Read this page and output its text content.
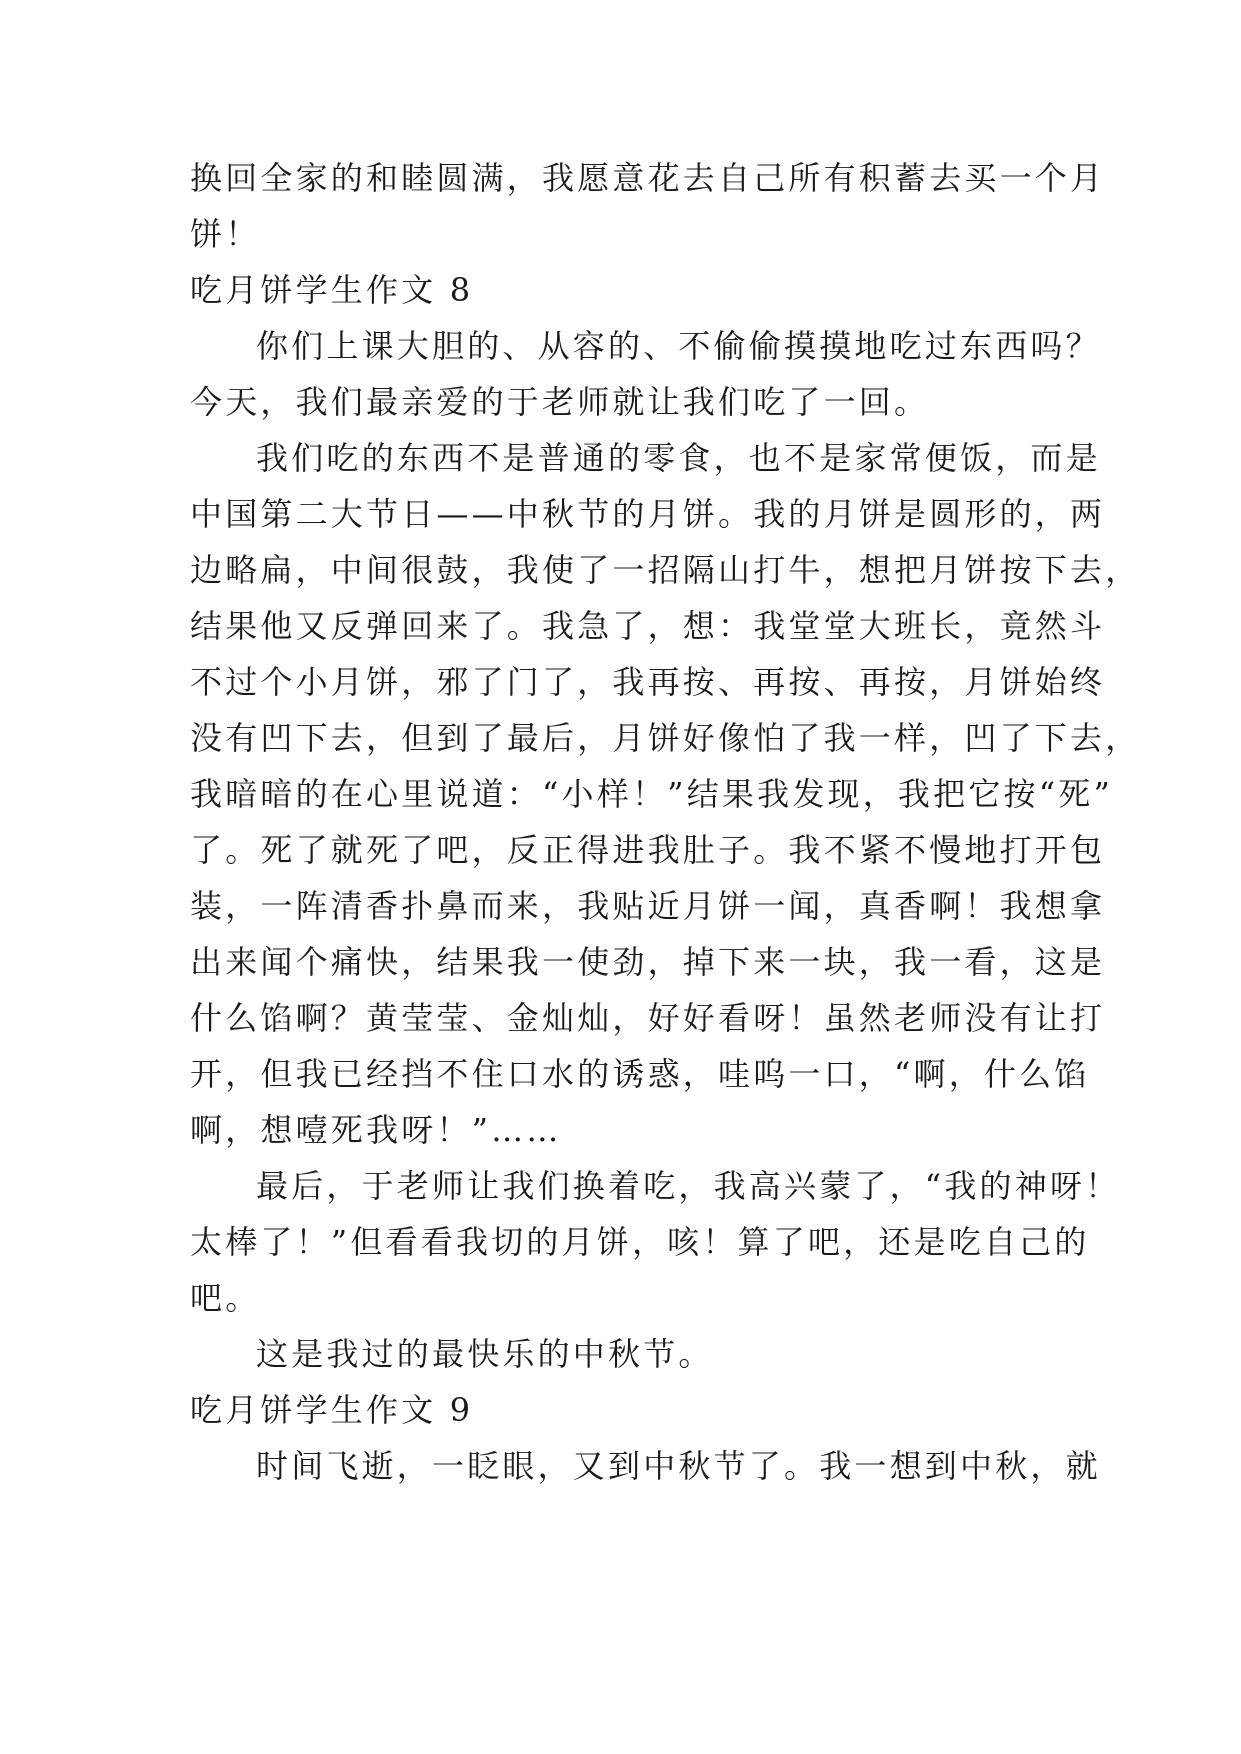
换回全家的和睦圆满，我愿意花去自己所有积蓄去买一个月
饼！
吃月饼学生作文 8
你们上课大胆的、从容的、不偷偷摸摸地吃过东西吗？
今天，我们最亲爱的于老师就让我们吃了一回。
我们吃的东西不是普通的零食，也不是家常便饭，而是
中国第二大节日——中秋节的月饼。我的月饼是圆形的，两
边略扁，中间很鼓，我使了一招隔山打牛，想把月饼按下去，
结果他又反弹回来了。我急了，想：我堂堂大班长，竟然斗
不过个小月饼，邪了门了，我再按、再按、再按，月饼始终
没有凹下去，但到了最后，月饼好像怕了我一样，凹了下去，
我暗暗的在心里说道：“小样！”结果我发现，我把它按“死”
了。死了就死了吧，反正得进我肚子。我不紧不慢地打开包
装，一阵清香扑鼻而来，我贴近月饼一闻，真香啊！我想拿
出来闻个痛快，结果我一使劲，掉下来一块，我一看，这是
什么馅啊？黄莹莹、金灿灿，好好看呀！虽然老师没有让打
开，但我已经挡不住口水的诱惑，哇呜一口，“啊，什么馅
啊，想噎死我呀！”……
最后，于老师让我们换着吃，我高兴蒙了，“我的神呀！
太棒了！”但看看我切的月饼，咳！算了吧，还是吃自己的
吧。
这是我过的最快乐的中秋节。
吃月饼学生作文 9
时间飞逝，一眨眼，又到中秋节了。我一想到中秋，就
